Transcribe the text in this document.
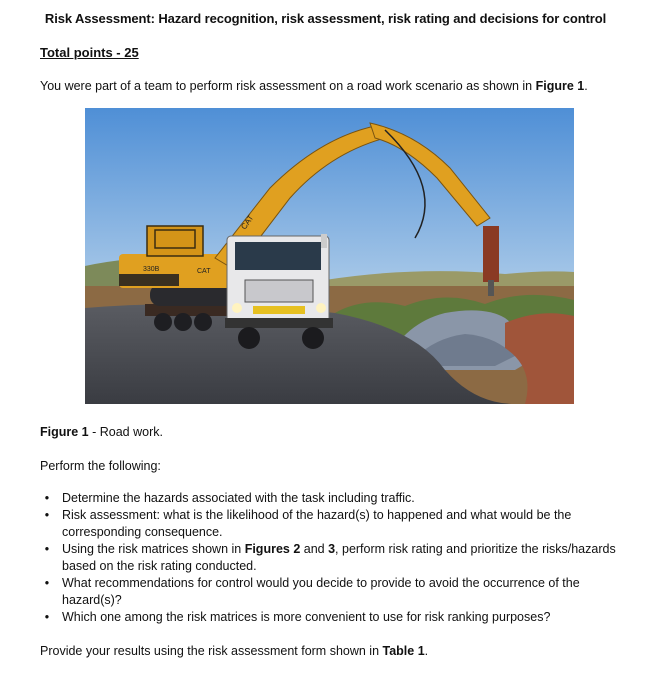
Risk Assessment: Hazard recognition, risk assessment, risk rating and decisions for control
Total points - 25
You were part of a team to perform risk assessment on a road work scenario as shown in Figure 1.
330B	CAT
CAT
Figure 1 - Road work.
Perform the following:
•	Determine the hazards associated with the task including traffic.
•	Risk assessment: what is the likelihood of the hazard(s) to happened and what would be the corresponding consequence.
•	Using the risk matrices shown in Figures 2 and 3, perform risk rating and prioritize the risks/hazards based on the risk rating conducted.
•	What recommendations for control would you decide to provide to avoid the occurrence of the hazard(s)?
•	Which one among the risk matrices is more convenient to use for risk ranking purposes?
Provide your results using the risk assessment form shown in Table 1.
